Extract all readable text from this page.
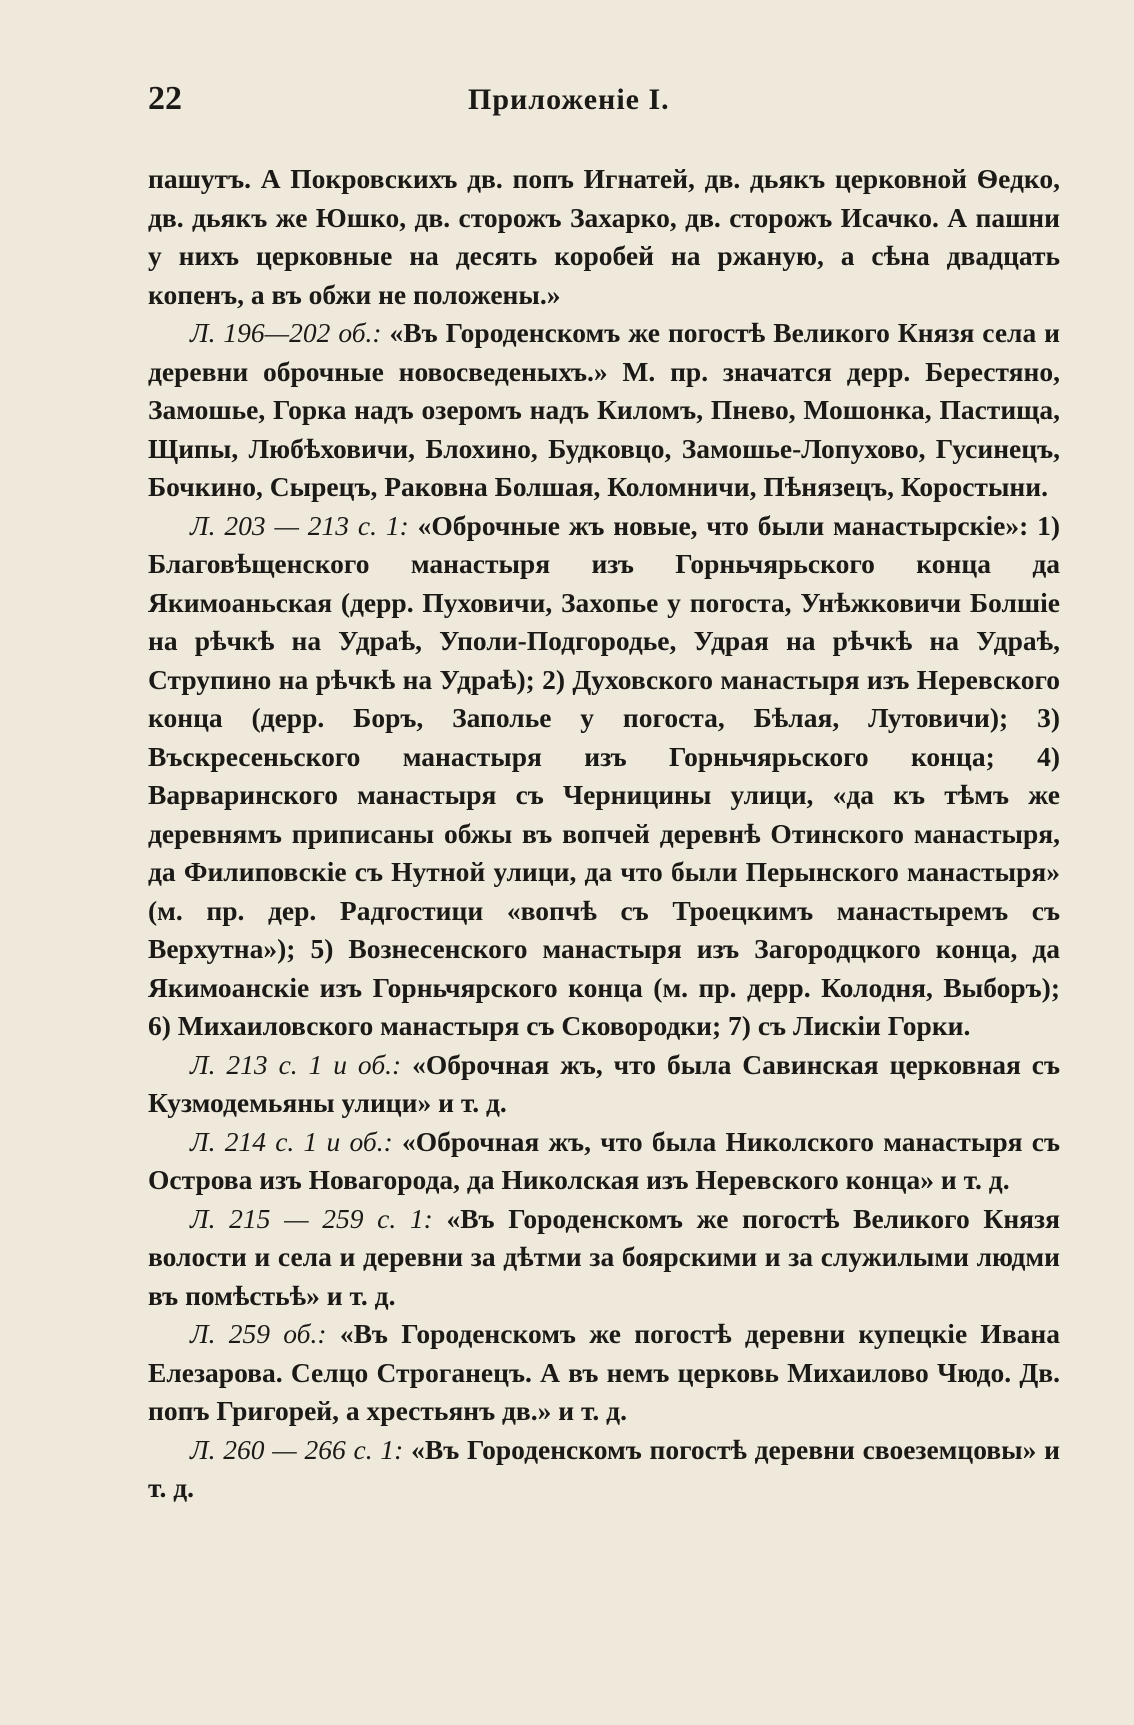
22	Приложеніе I.

пашутъ. А Покровскихъ дв. попъ Игнатей, дв. дьякъ церковной Ѳедко, дв. дьякъ же Юшко, дв. сторожъ Захарко, дв. сторожъ Исачко. А пашни у нихъ церковные на десять коробей на ржаную, а сѣна двадцать копенъ, а въ обжи не положены.»

Л. 196—202 об.: «Въ Городенскомъ же погостѣ Великого Князя села и деревни оброчные новосведеныхъ.» М. пр. значатся дерр. Берестяно, Замошье, Горка надъ озеромъ надъ Киломъ, Пнево, Мошонка, Пастища, Щипы, Любѣховичи, Блохино, Будковцо, Замошье-Лопухово, Гусинецъ, Бочкино, Сырецъ, Раковна Болшая, Коломничи, Пѣнязецъ, Коростыни.

Л. 203 — 213 с. 1: «Оброчные жъ новые, что были манастырскіе»: 1) Благовѣщенского манастыря изъ Горньчярьского конца да Якимоаньская (дерр. Пуховичи, Захопье у погоста, Унѣжковичи Болшіе на рѣчкѣ на Удраѣ, Уполи-Подгородье, Удрая на рѣчкѣ на Удраѣ, Струпино на рѣчкѣ на Удраѣ); 2) Духовского манастыря изъ Неревского конца (дерр. Боръ, Заполье у погоста, Бѣлая, Лутовичи); 3) Въскресеньского манастыря изъ Горньчярьского конца; 4) Варваринского манастыря съ Черницины улици, «да къ тѣмъ же деревнямъ приписаны обжы въ вопчей деревнѣ Отинского манастыря, да Филиповскіе съ Нутной улици, да что были Перынского манастыря» (м. пр. дер. Радгостици «вопчѣ съ Троецкимъ манастыремъ съ Верхутна»); 5) Вознесенского манастыря изъ Загородцкого конца, да Якимоанскіе изъ Горньчярского конца (м. пр. дерр. Колодня, Выборъ); 6) Михаиловского манастыря съ Сковородки; 7) съ Лискіи Горки.

Л. 213 с. 1 и об.: «Оброчная жъ, что была Савинская церковная съ Кузмодемьяны улици» и т. д.

Л. 214 с. 1 и об.: «Оброчная жъ, что была Николского манастыря съ Острова изъ Новагорода, да Николская изъ Неревского конца» и т. д.

Л. 215 — 259 с. 1: «Въ Городенскомъ же погостѣ Великого Князя волости и села и деревни за дѣтми за боярскими и за служилыми людми въ помѣстьѣ» и т. д.

Л. 259 об.: «Въ Городенскомъ же погостѣ деревни купецкіе Ивана Елезарова. Селцо Строганецъ. А въ немъ церковь Михаилово Чюдо. Дв. попъ Григорей, а хрестьянъ дв.» и т. д.

Л. 260 — 266 с. 1: «Въ Городенскомъ погостѣ деревни своеземцовы» и т. д.
